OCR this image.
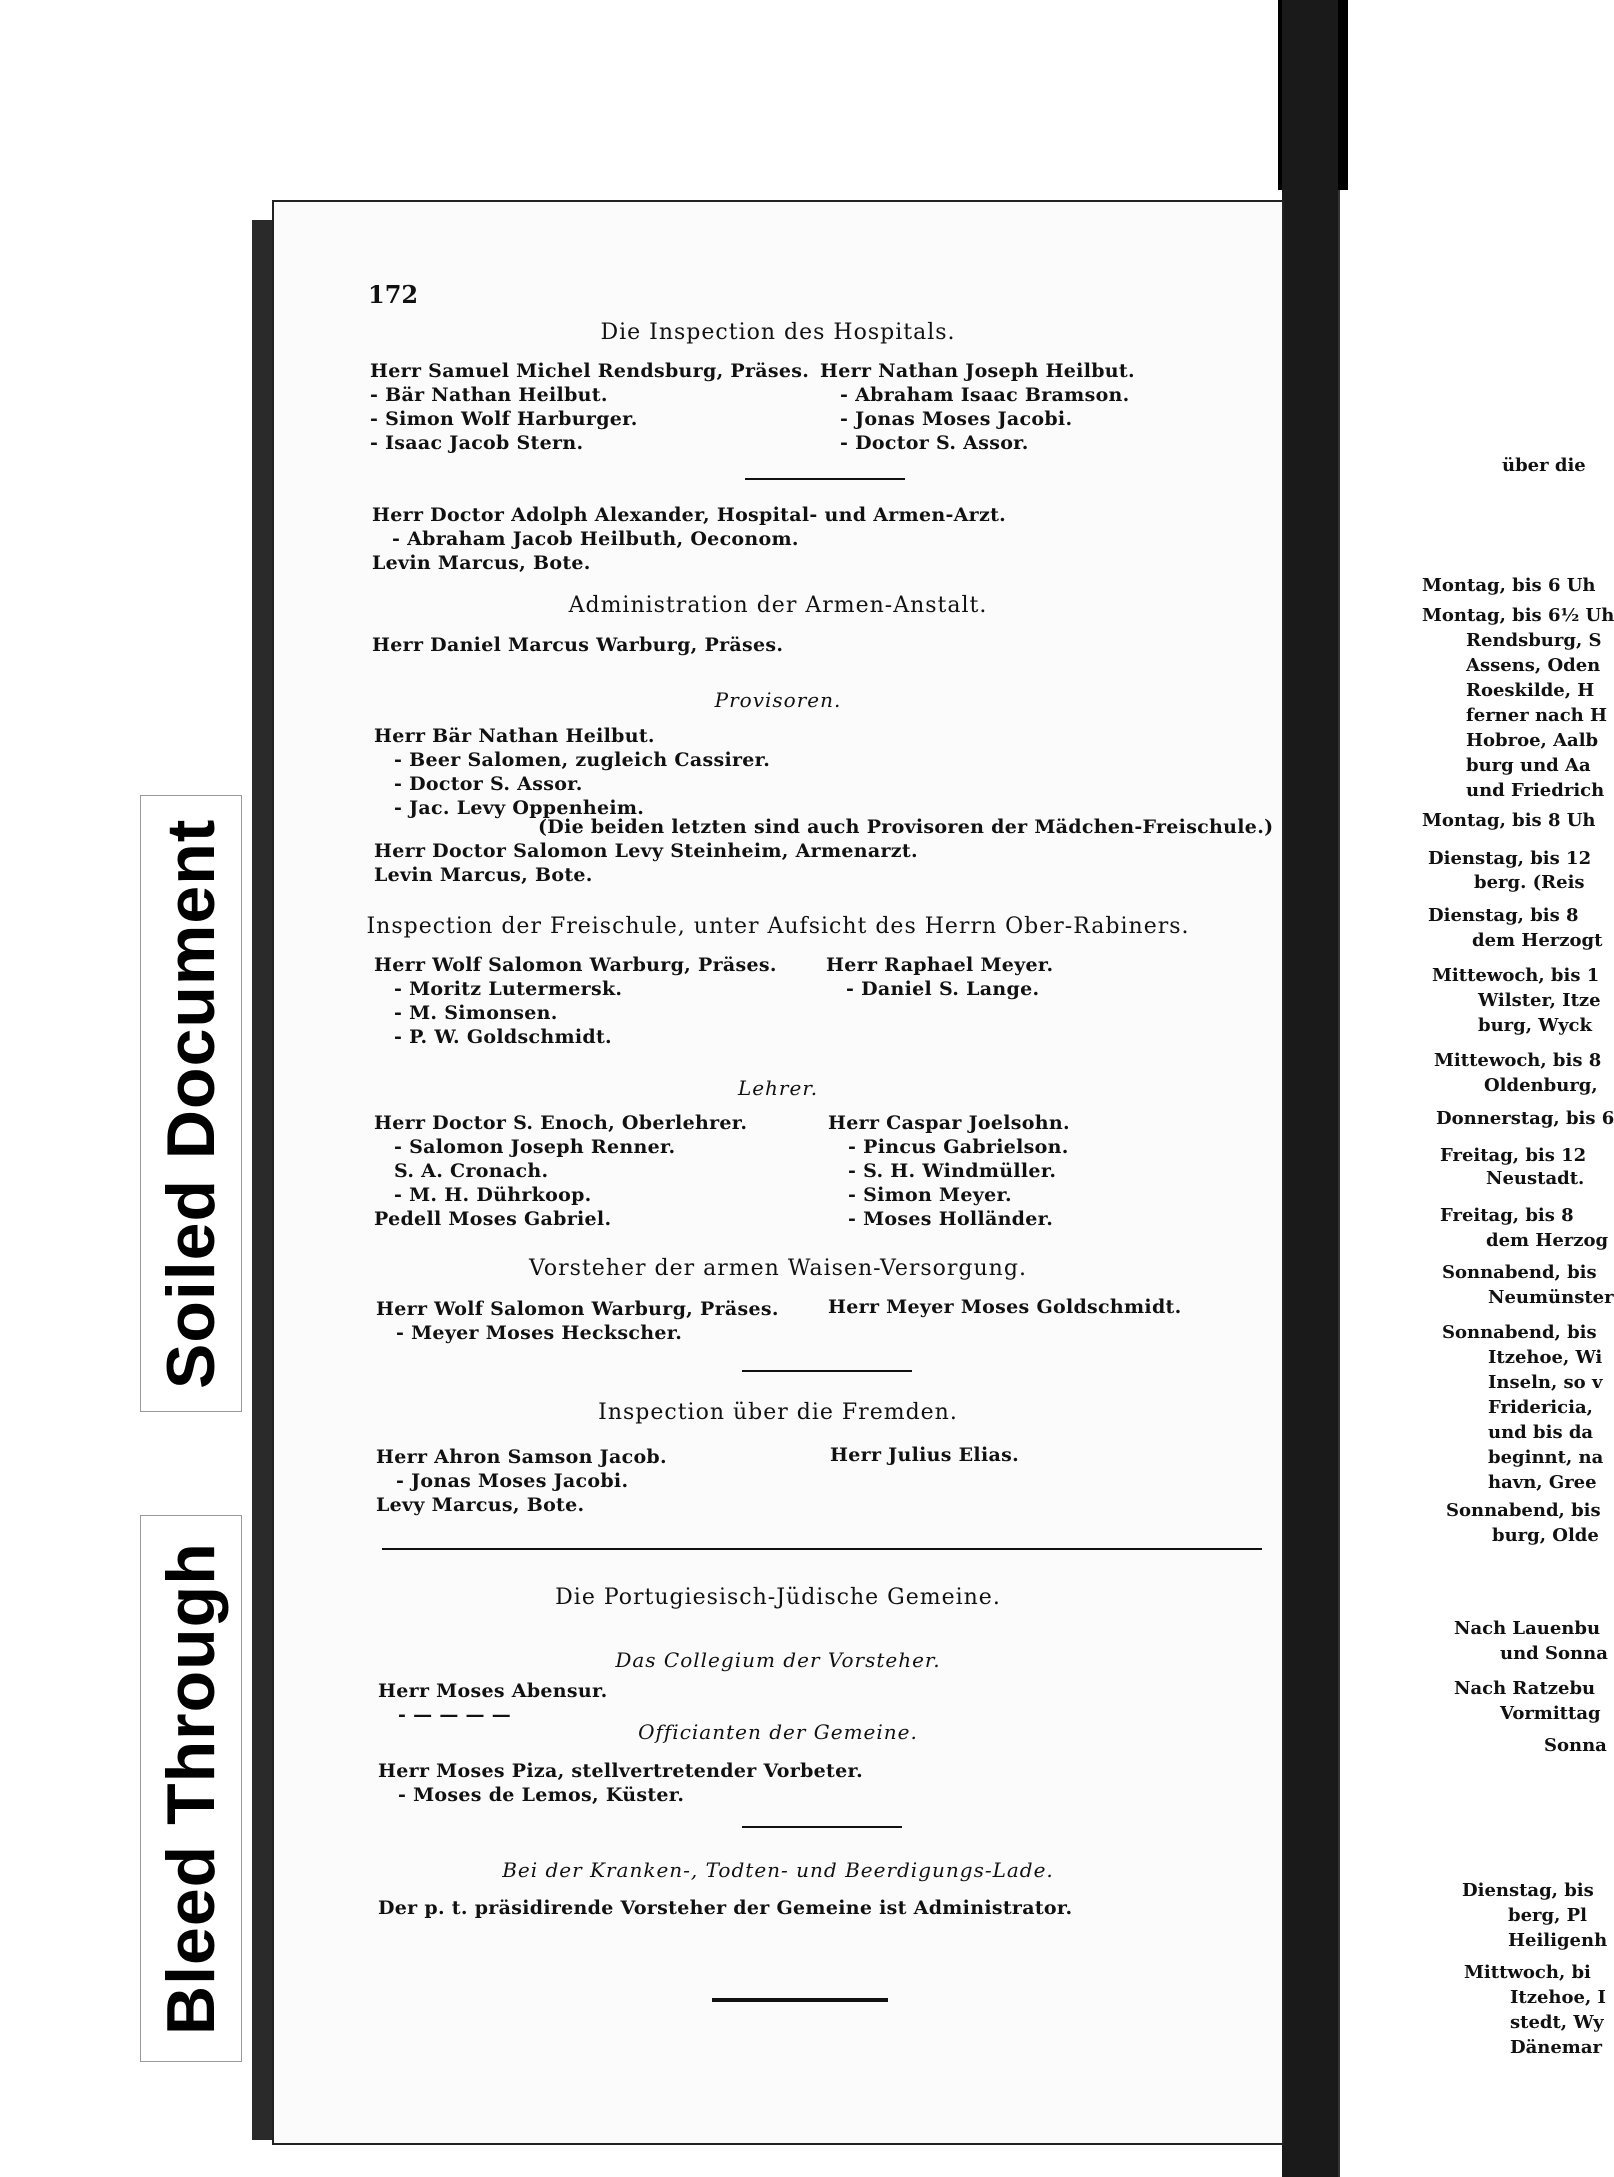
Soiled Document
Bleed Through
172
Die Inspection des Hospitals.
Herr Samuel Michel Rendsburg, Präses.
- Bär Nathan Heilbut.
- Simon Wolf Harburger.
- Isaac Jacob Stern.
Herr Nathan Joseph Heilbut.
- Abraham Isaac Bramson.
- Jonas Moses Jacobi.
- Doctor S. Assor.
Herr Doctor Adolph Alexander, Hospital- und Armen-Arzt.
- Abraham Jacob Heilbuth, Oeconom.
Levin Marcus, Bote.
Administration der Armen-Anstalt.
Herr Daniel Marcus Warburg, Präses.
Provisoren.
Herr Bär Nathan Heilbut.
- Beer Salomen, zugleich Cassirer.
- Doctor S. Assor.
- Jac. Levy Oppenheim.
(Die beiden letzten sind auch Provisoren der Mädchen-Freischule.)
Herr Doctor Salomon Levy Steinheim, Armenarzt.
Levin Marcus, Bote.
Inspection der Freischule, unter Aufsicht des Herrn Ober-Rabiners.
Herr Wolf Salomon Warburg, Präses.
- Moritz Lutermersk.
- M. Simonsen.
- P. W. Goldschmidt.
Herr Raphael Meyer.
- Daniel S. Lange.
Lehrer.
Herr Doctor S. Enoch, Oberlehrer.
- Salomon Joseph Renner.
S. A. Cronach.
- M. H. Dührkoop.
Pedell Moses Gabriel.
Herr Caspar Joelsohn.
- Pincus Gabrielson.
- S. H. Windmüller.
- Simon Meyer.
- Moses Holländer.
Vorsteher der armen Waisen-Versorgung.
Herr Wolf Salomon Warburg, Präses.
- Meyer Moses Heckscher.
Herr Meyer Moses Goldschmidt.
Inspection über die Fremden.
Herr Ahron Samson Jacob.
- Jonas Moses Jacobi.
Levy Marcus, Bote.
Herr Julius Elias.
Die Portugiesisch-Jüdische Gemeine.
Das Collegium der Vorsteher.
Herr Moses Abensur.
- — — — —
Officianten der Gemeine.
Herr Moses Piza, stellvertretender Vorbeter.
- Moses de Lemos, Küster.
Bei der Kranken-, Todten- und Beerdigungs-Lade.
Der p. t. präsidirende Vorsteher der Gemeine ist Administrator.
über die
Montag, bis 6 Uh
Montag, bis 6½ Uh
Rendsburg, S
Assens, Oden
Roeskilde, H
ferner nach H
Hobroe, Aalb
burg und Aa
und Friedrich
Montag, bis 8 Uh
Dienstag, bis 12
berg. (Reis
Dienstag, bis 8
dem Herzogt
Mittewoch, bis 1
Wilster, Itze
burg, Wyck
Mittewoch, bis 8
Oldenburg,
Donnerstag, bis 6
Freitag, bis 12
Neustadt.
Freitag, bis 8
dem Herzog
Sonnabend, bis
Neumünster
Sonnabend, bis
Itzehoe, Wi
Inseln, so v
Fridericia,
und bis da
beginnt, na
havn, Gree
Sonnabend, bis
burg, Olde
Nach Lauenbu
und Sonna
Nach Ratzebu
Vormittag
Sonna
Dienstag, bis
berg, Pl
Heiligenh
Mittwoch, bi
Itzehoe, I
stedt, Wy
Dänemar
